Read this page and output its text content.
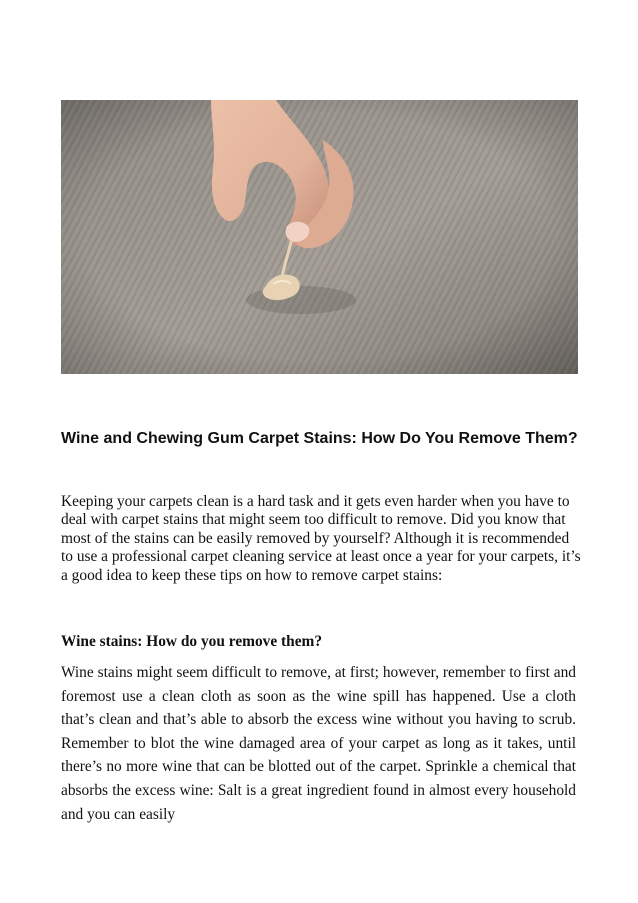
Wine and Chewing Gum Carpet Stains: How Do You Remove Them?

Keeping your carpets clean is a hard task and it gets even harder when you have to deal with carpet stains that might seem too difficult to remove. Did you know that most of the stains can be easily removed by yourself? Although it is recommended to use a professional carpet cleaning service at least once a year for your carpets, it’s a good idea to keep these tips on how to remove carpet stains:

Wine stains: How do you remove them?

Wine stains might seem difficult to remove, at first; however, remember to first and foremost use a clean cloth as soon as the wine spill has happened. Use a cloth that’s clean and that’s able to absorb the excess wine without you having to scrub. Remember to blot the wine damaged area of your carpet as long as it takes, until there’s no more wine that can be blotted out of the carpet. Sprinkle a chemical that absorbs the excess wine: Salt is a great ingredient found in almost every household and you can easily
